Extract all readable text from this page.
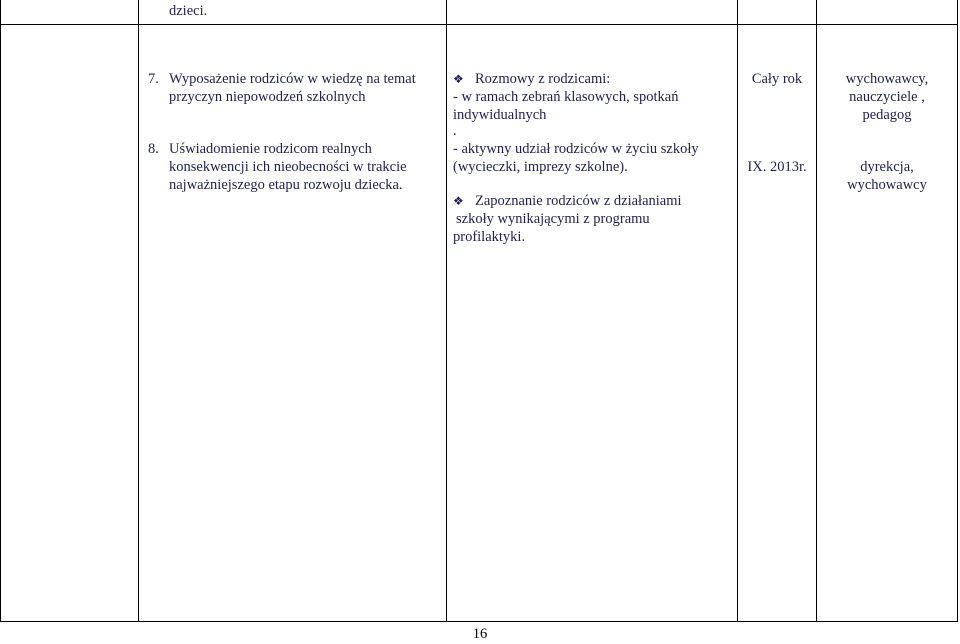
dzieci.
7. Wyposażenie rodziców w wiedzę na temat
przyczyn niepowodzeń szkolnych
8. Uświadomienie rodzicom realnych
konsekwencji ich nieobecności w trakcie
najważniejszego etapu rozwoju dziecka.
❖ Rozmowy z rodzicami:
- w ramach zebrań klasowych, spotkań
indywidualnych
.
- aktywny udział rodziców w życiu szkoły
(wycieczki, imprezy szkolne).
❖ Zapoznanie rodziców z działaniami
szkoły wynikającymi z programu
profilaktyki.
Cały rok
IX. 2013r.
wychowawcy,
nauczyciele ,
pedagog
dyrekcja,
wychowawcy
16
